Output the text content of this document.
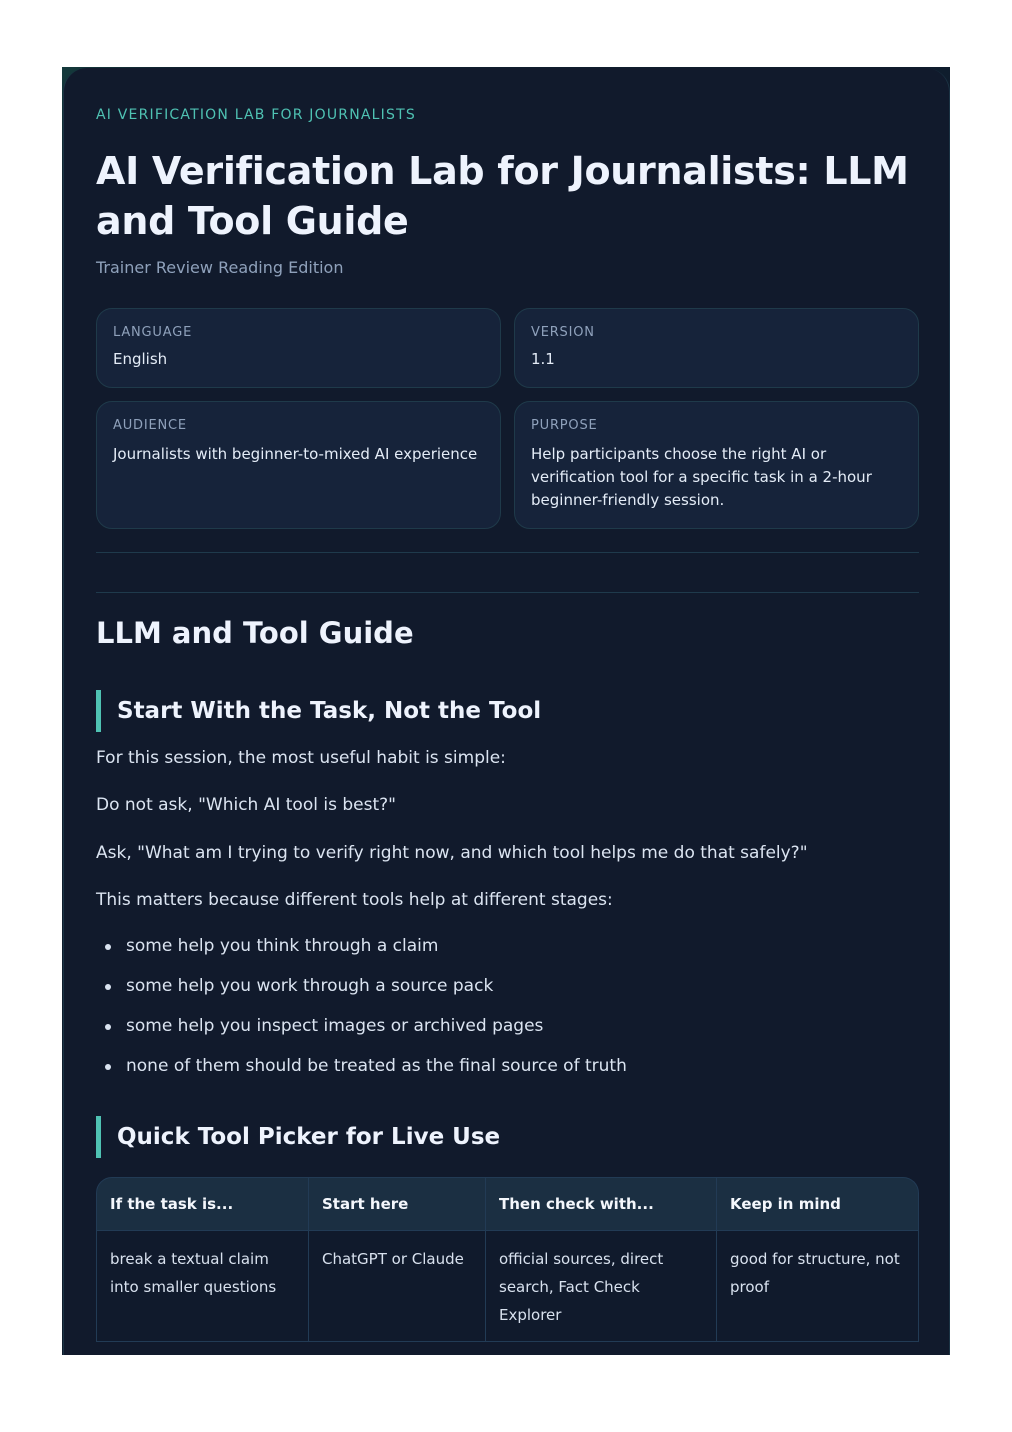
AI VERIFICATION LAB FOR JOURNALISTS
AI Verification Lab for Journalists: LLM and Tool Guide
Trainer Review Reading Edition
LANGUAGE
English
VERSION
1.1
AUDIENCE
Journalists with beginner-to-mixed AI experience
PURPOSE
Help participants choose the right AI or verification tool for a specific task in a 2-hour beginner-friendly session.
LLM and Tool Guide
Start With the Task, Not the Tool

For this session, the most useful habit is simple:

Do not ask, "Which AI tool is best?"

Ask, "What am I trying to verify right now, and which tool helps me do that safely?"

This matters because different tools help at different stages:

some help you think through a claim
some help you work through a source pack
some help you inspect images or archived pages
none of them should be treated as the final source of truth
Quick Tool Picker for Live Use
If the task is...	Start here	Then check with...	Keep in mind
break a textual claim into smaller questions	ChatGPT or Claude	official sources, direct search, Fact Check Explorer	good for structure, not proof
